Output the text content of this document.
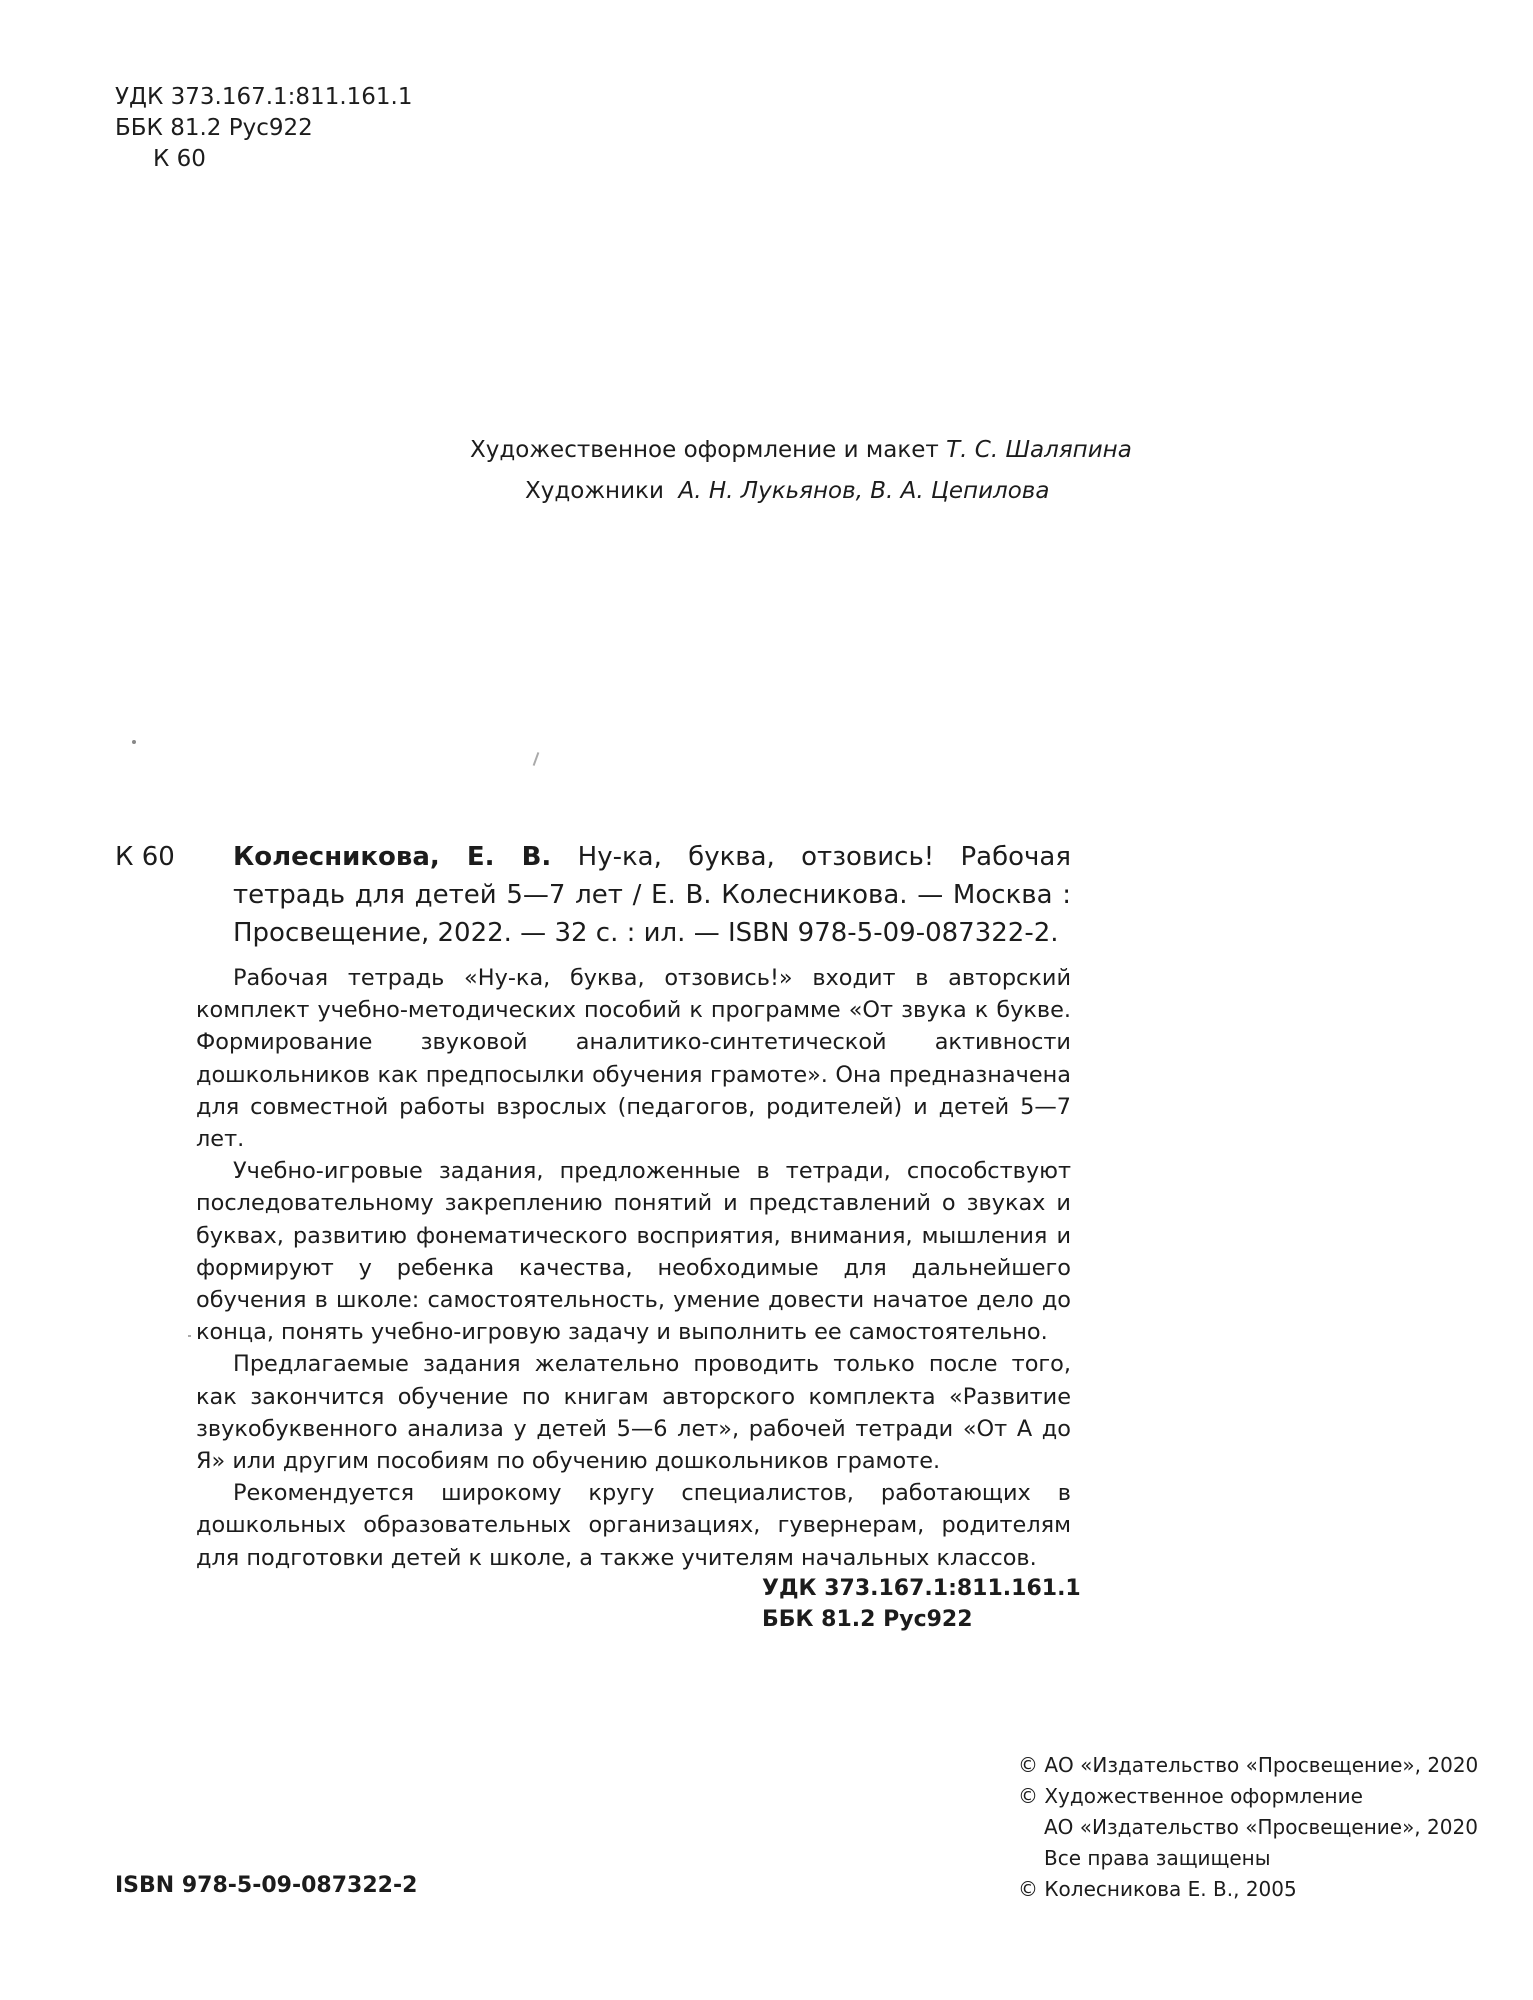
УДК 373.167.1:811.161.1
ББК 81.2 Рус922
К 60
Художественное оформление и макет Т. С. Шаляпина
Художники А. Н. Лукьянов, В. А. Цепилова
К 60 Колесникова, Е. В. Ну-ка, буква, отзовись! Рабочая тетрадь для детей 5—7 лет / Е. В. Колесникова. — Москва : Просвещение, 2022. — 32 с. : ил. — ISBN 978-5-09-087322-2.

Рабочая тетрадь «Ну-ка, буква, отзовись!» входит в авторский комплект учебно-методических пособий к программе «От звука к букве. Формирование звуковой аналитико-синтетической активности дошкольников как предпосылки обучения грамоте». Она предназначена для совместной работы взрослых (педагогов, родителей) и детей 5—7 лет.

Учебно-игровые задания, предложенные в тетради, способствуют последовательному закреплению понятий и представлений о звуках и буквах, развитию фонематического восприятия, внимания, мышления и формируют у ребенка качества, необходимые для дальнейшего обучения в школе: самостоятельность, умение довести начатое дело до конца, понять учебно-игровую задачу и выполнить ее самостоятельно.

Предлагаемые задания желательно проводить только после того, как закончится обучение по книгам авторского комплекта «Развитие звукобуквенного анализа у детей 5—6 лет», рабочей тетради «От А до Я» или другим пособиям по обучению дошкольников грамоте.

Рекомендуется широкому кругу специалистов, работающих в дошкольных образовательных организациях, гувернерам, родителям для подготовки детей к школе, а также учителям начальных классов.

УДК 373.167.1:811.161.1
ББК 81.2 Рус922
© АО «Издательство «Просвещение», 2020
© Художественное оформление
АО «Издательство «Просвещение», 2020
Все права защищены
© Колесникова Е. В., 2005
ISBN 978-5-09-087322-2
